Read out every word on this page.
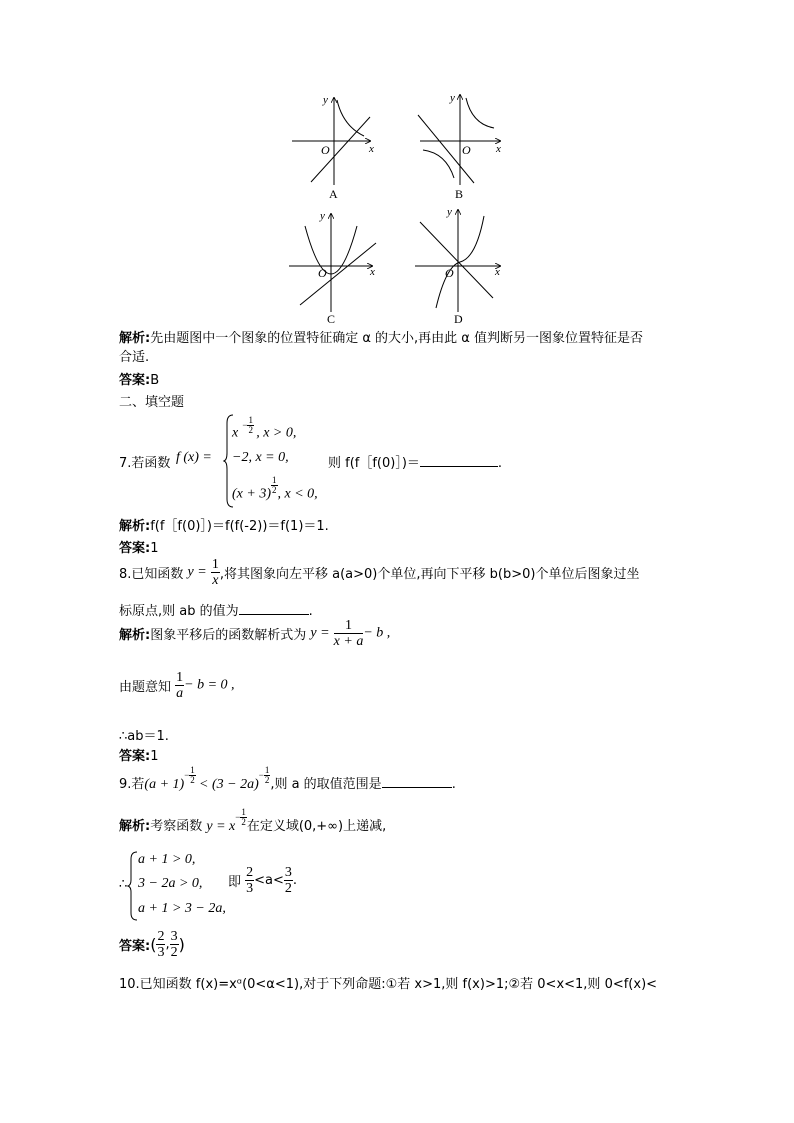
y
O	x
A
y
O x
B
y
O	x
C
y
O	x
D
解析:先由题图中一个图象的位置特征确定 α 的大小,再由此 α 值判断另一图象位置特征是否
合适.
答案:B
二、填空题
7.若函数 f (x) =
x $^{- \frac{1}{2}}$ , x > 0,
−2, x = 0,
(x + 3) $^{\frac{1}{2}}$ , x < 0,
则 f(f［f(0)］)＝	.
解析:f(f［f(0)］)＝f(f(-2))＝f(1)＝1.
答案:1
8.已知函数 $y = \frac{1}{x}$ ,将其图象向左平移 a(a>0)个单位,再向下平移 b(b>0)个单位后图象过坐
标原点,则 ab 的值为	.
解析:图象平移后的函数解析式为 $y = \frac{1}{x + a} - b$ ,
由题意知 $\frac{1}{a} - b = 0$ ,
∴ab＝1.
答案:1
9.若$(a + 1)^{- \frac{1}{2}} < (3 - 2a)^{- \frac{1}{2}}$ ,则 a 的取值范围是	.
解析:考察函数 $y = x^{- \frac{1}{2}}$ 在定义域(0,+∞)上递减,
∴
a + 1 > 0,
3 − 2a > 0,
a + 1 > 3 − 2a,
即 $\frac{2}{3} <a< \frac{3}{2}$ .
答案:( $\frac{2}{3}$ , $\frac{3}{2}$ )
10.已知函数 f(x)=xᵅ(0<α<1),对于下列命题:①若 x>1,则 f(x)>1;②若 0<x<1,则 0<f(x)<
